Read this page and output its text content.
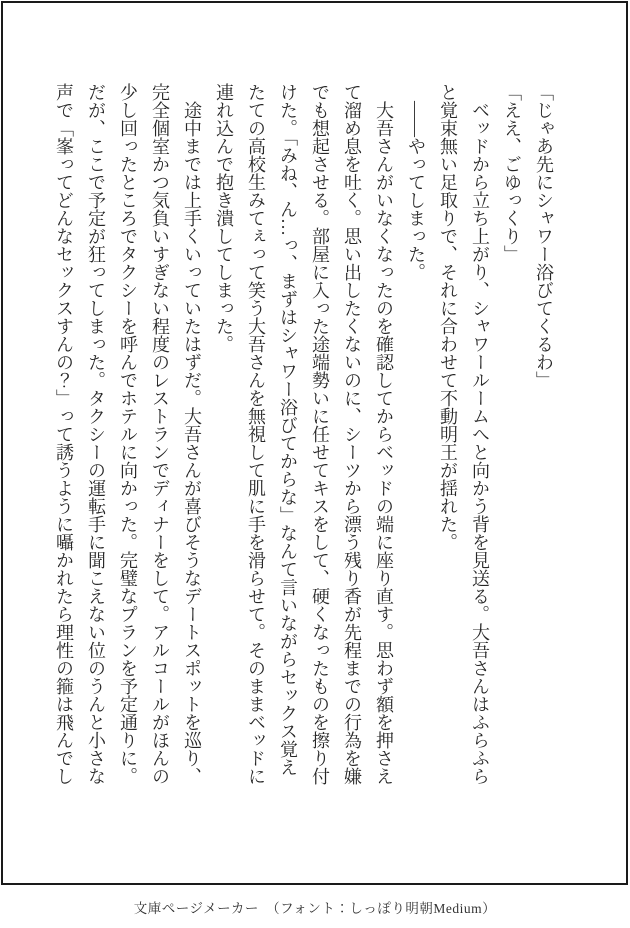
「じゃあ先にシャワー浴びてくるわ」
「ええ、ごゆっくり」
　ベッドから立ち上がり、シャワールームへと向かう背を見送る。大吾さんはふらふら
と覚束無い足取りで、それに合わせて不動明王が揺れた。
　――やってしまった。
　大吾さんがいなくなったのを確認してからベッドの端に座り直す。思わず額を押さえ
て溜め息を吐く。思い出したくないのに、シーツから漂う残り香が先程までの行為を嫌
でも想起させる。部屋に入った途端勢いに任せてキスをして、硬くなったものを擦り付
けた。「みね、ん…っ、まずはシャワー浴びてからな」なんて言いながらセックス覚え
たての高校生みてぇって笑う大吾さんを無視して肌に手を滑らせて。そのままベッドに
連れ込んで抱き潰してしまった。
　途中までは上手くいっていたはずだ。大吾さんが喜びそうなデートスポットを巡り、
完全個室かつ気負いすぎない程度のレストランでディナーをして。アルコールがほんの
少し回ったところでタクシーを呼んでホテルに向かった。完璧なプランを予定通りに。
だが、ここで予定が狂ってしまった。タクシーの運転手に聞こえない位のうんと小さな
声で「峯ってどんなセックスすんの？」って誘うように囁かれたら理性の箍は飛んでし
文庫ページメーカー　（フォント：しっぽり明朝Medium）
